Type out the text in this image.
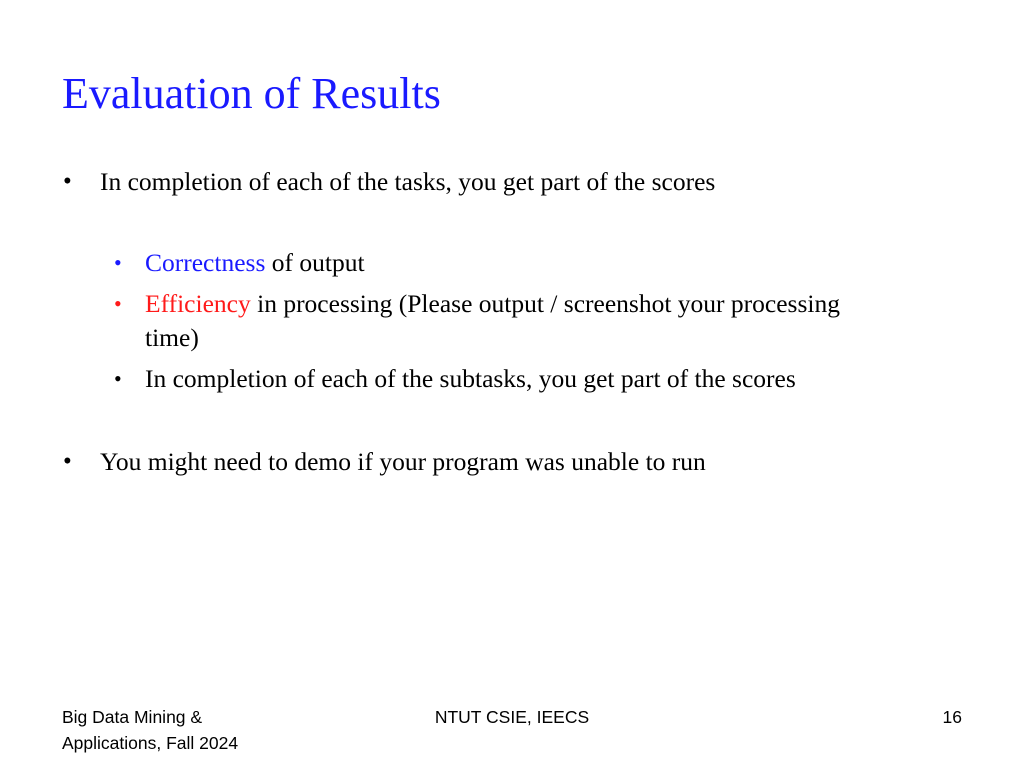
Evaluation of Results
• In completion of each of the tasks, you get part of the scores
• Correctness of output
• Efficiency in processing (Please output / screenshot your processing time)
• In completion of each of the subtasks, you get part of the scores
• You might need to demo if your program was unable to run
Big Data Mining & Applications, Fall 2024
NTUT CSIE, IEECS	16
